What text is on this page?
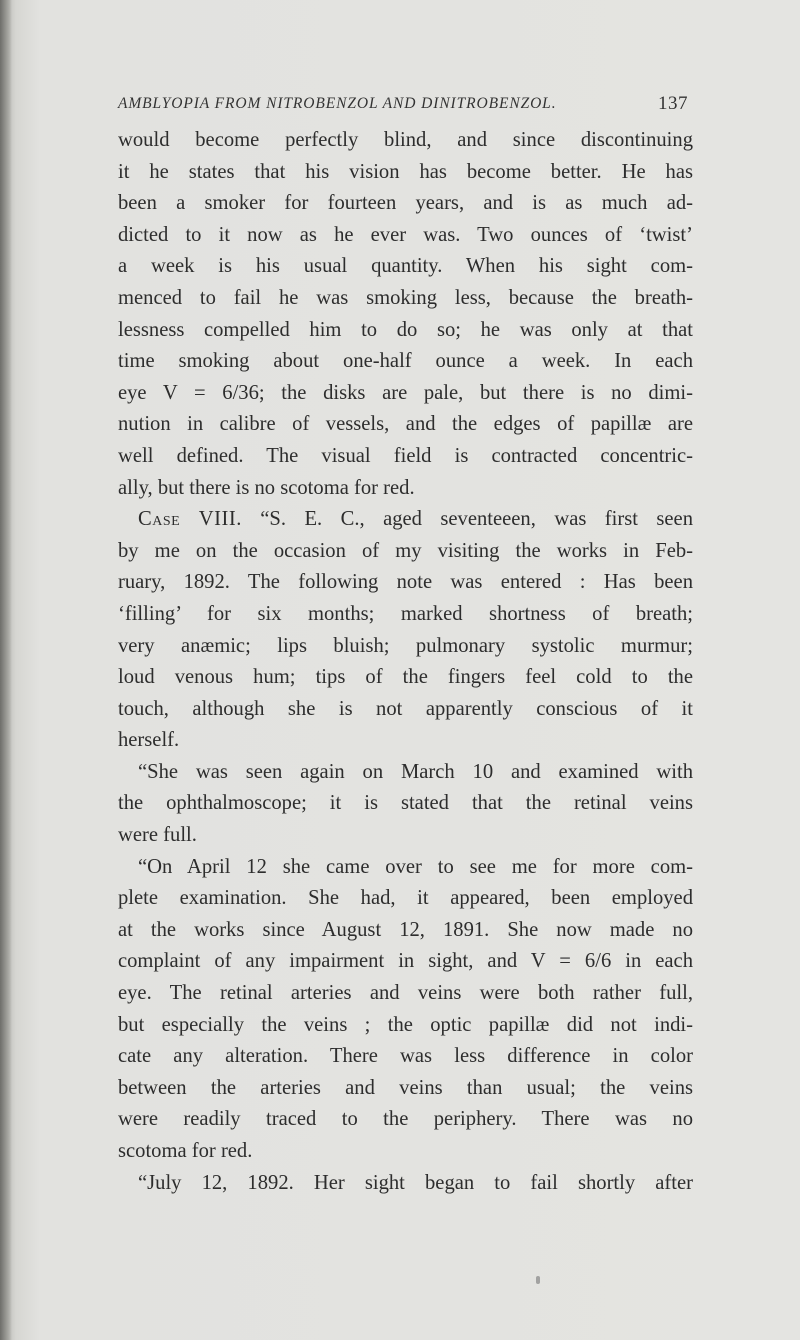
AMBLYOPIA FROM NITROBENZOL AND DINITROBENZOL.	137
would become perfectly blind, and since discontinuing
it he states that his vision has become better. He has
been a smoker for fourteen years, and is as much ad-
dicted to it now as he ever was. Two ounces of ‘twist’
a week is his usual quantity. When his sight com-
menced to fail he was smoking less, because the breath-
lessness compelled him to do so; he was only at that
time smoking about one-half ounce a week. In each
eye V = 6/36; the disks are pale, but there is no dimi-
nution in calibre of vessels, and the edges of papillæ are
well defined. The visual field is contracted concentric-
ally, but there is no scotoma for red.
Case VIII. “S. E. C., aged seventeeen, was first seen
by me on the occasion of my visiting the works in Feb-
ruary, 1892. The following note was entered : Has been
‘filling’ for six months; marked shortness of breath;
very anæmic; lips bluish; pulmonary systolic murmur;
loud venous hum; tips of the fingers feel cold to the
touch, although she is not apparently conscious of it
herself.
“She was seen again on March 10 and examined with
the ophthalmoscope; it is stated that the retinal veins
were full.
“On April 12 she came over to see me for more com-
plete examination. She had, it appeared, been employed
at the works since August 12, 1891. She now made no
complaint of any impairment in sight, and V = 6/6 in each
eye. The retinal arteries and veins were both rather full,
but especially the veins ; the optic papillæ did not indi-
cate any alteration. There was less difference in color
between the arteries and veins than usual; the veins
were readily traced to the periphery. There was no
scotoma for red.
“July 12, 1892. Her sight began to fail shortly after
